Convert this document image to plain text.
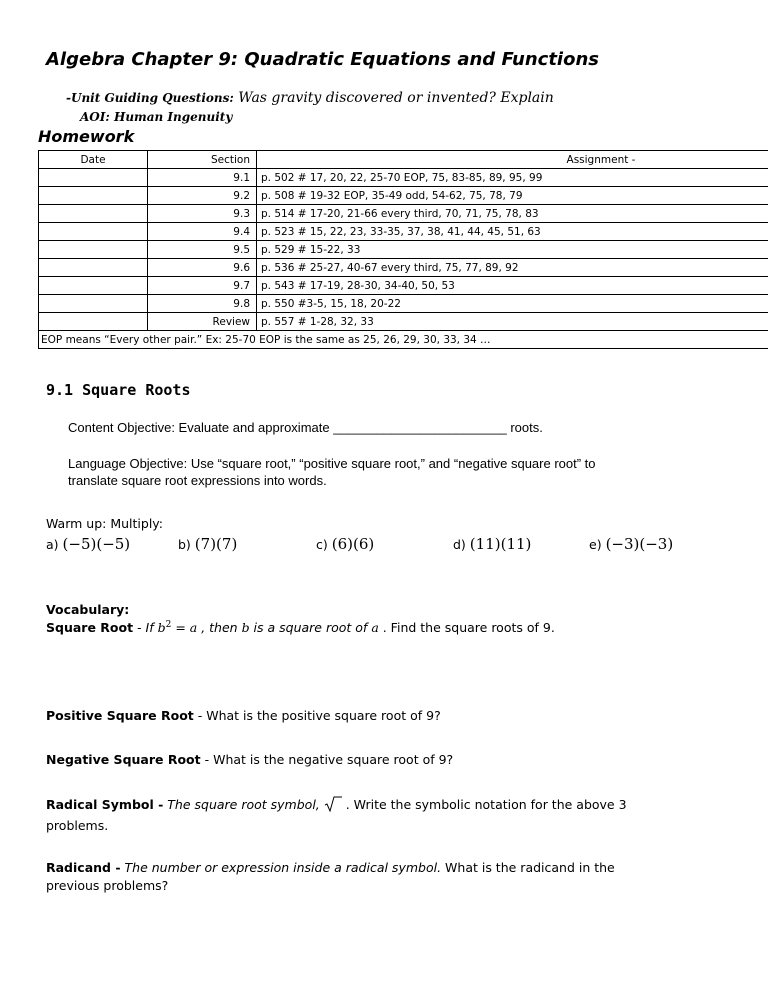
Algebra Chapter 9: Quadratic Equations and Functions
-Unit Guiding Questions: Was gravity discovered or invented? Explain
AOI: Human Ingenuity
Homework
Date	Section	Assignment -
	9.1	p. 502 # 17, 20, 22, 25-70 EOP, 75, 83-85, 89, 95, 99
	9.2	p. 508 # 19-32 EOP, 35-49 odd, 54-62, 75, 78, 79
	9.3	p. 514 # 17-20, 21-66 every third, 70, 71, 75, 78, 83
	9.4	p. 523 # 15, 22, 23, 33-35, 37, 38, 41, 44, 45, 51, 63
	9.5	p. 529 # 15-22, 33
	9.6	p. 536 # 25-27, 40-67 every third, 75, 77, 89, 92
	9.7	p. 543 # 17-19, 28-30, 34-40, 50, 53
	9.8	p. 550 #3-5, 15, 18, 20-22
	Review	p. 557 # 1-28, 32, 33
EOP means “Every other pair.” Ex: 25-70 EOP is the same as 25, 26, 29, 30, 33, 34 …		
9.1 Square Roots
Content Objective: Evaluate and approximate ________________________ roots.
Language Objective: Use “square root,” “positive square root,” and “negative square root” to
translate square root expressions into words.
Warm up: Multiply:
a) (−5)(−5)	b) (7)(7)	c) (6)(6)	d) (11)(11)	e) (−3)(−3)
Vocabulary:
Square Root - If $b^2 = a$ , then b is a square root of a . Find the square roots of 9.
Positive Square Root - What is the positive square root of 9?
Negative Square Root - What is the negative square root of 9?
Radical Symbol - The square root symbol,  . Write the symbolic notation for the above 3
problems.
Radicand - The number or expression inside a radical symbol. What is the radicand in the
previous problems?
